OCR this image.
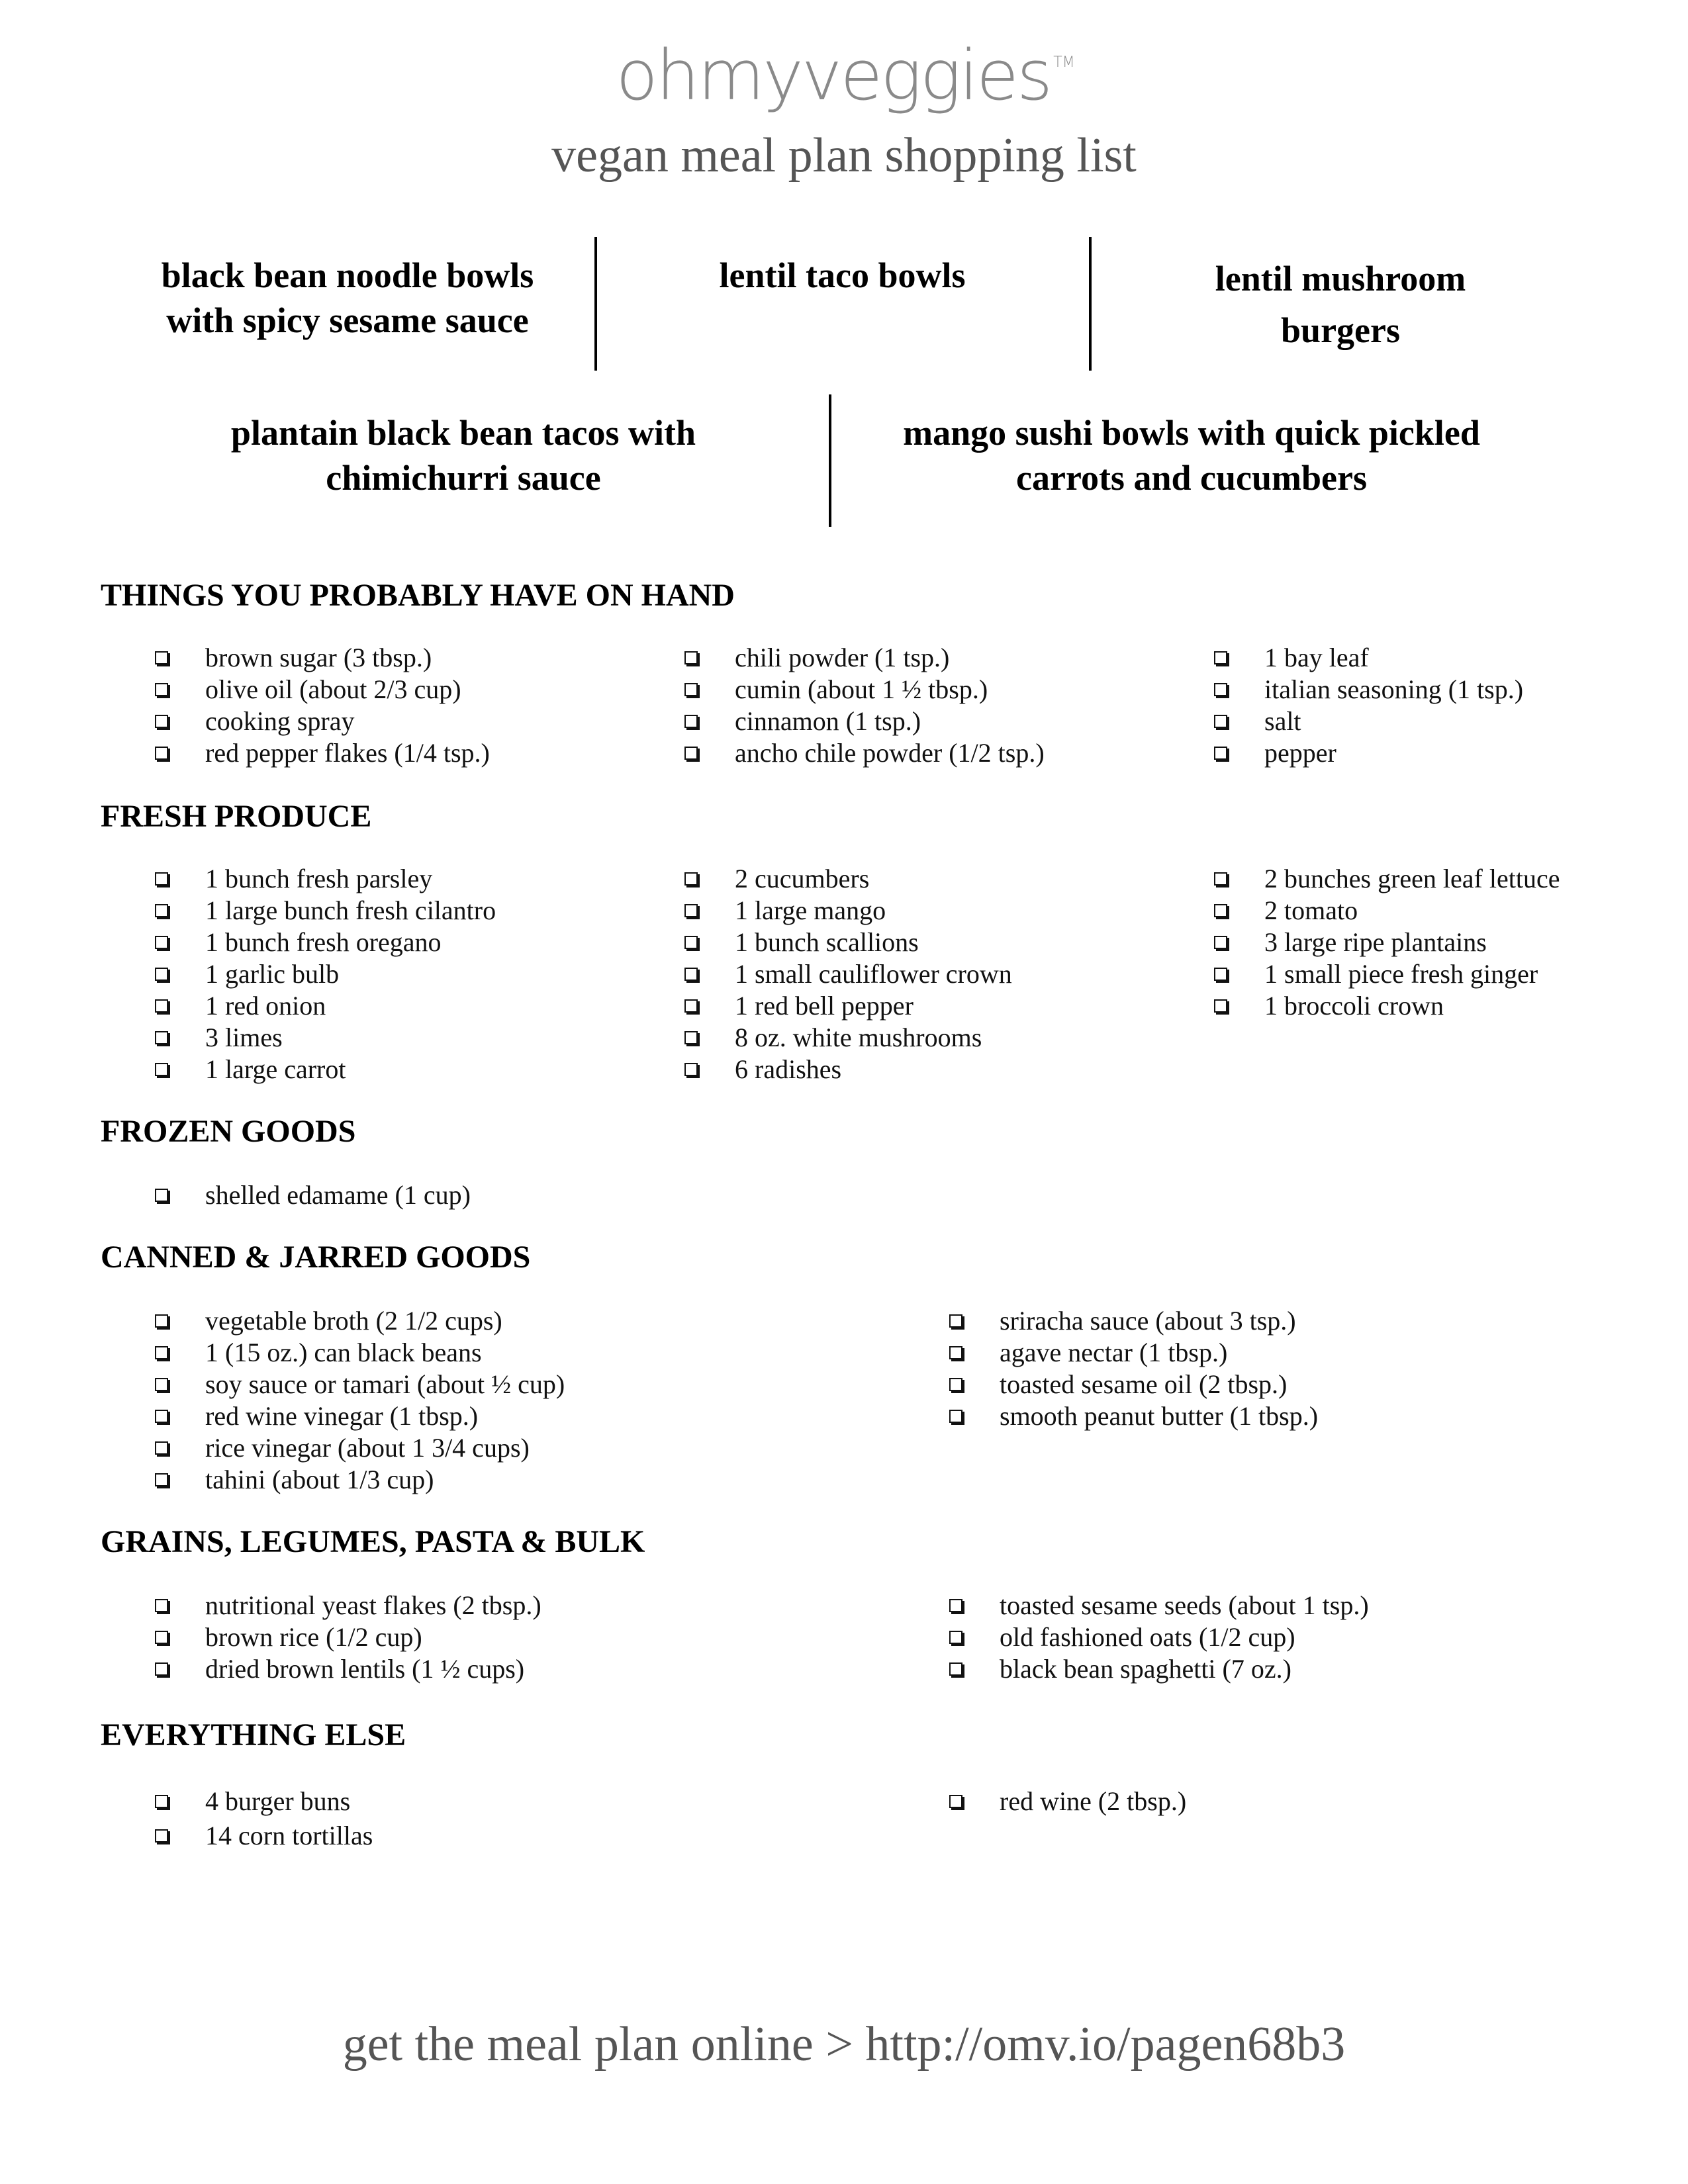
ohmyveggies ™
vegan meal plan shopping list
black bean noodle bowls
with spicy sesame sauce
lentil taco bowls	lentil mushroom
burgers
plantain black bean tacos with
chimichurri sauce
mango sushi bowls with quick pickled
carrots and cucumbers
THINGS YOU PROBABLY HAVE ON HAND
FRESH PRODUCE
FROZEN GOODS
CANNED & JARRED GOODS
GRAINS, LEGUMES, PASTA & BULK
EVERYTHING ELSE
brown sugar (3 tbsp.)
olive oil (about 2/3 cup)
cooking spray
red pepper flakes (1/4 tsp.)
chili powder (1 tsp.)
cumin (about 1 ½ tbsp.)
cinnamon (1 tsp.)
ancho chile powder (1/2 tsp.)
1 bay leaf
italian seasoning (1 tsp.)
salt
pepper
1 bunch fresh parsley
1 large bunch fresh cilantro
1 bunch fresh oregano
1 garlic bulb
1 red onion
3 limes
1 large carrot
2 cucumbers
1 large mango
1 bunch scallions
1 small cauliflower crown
1 red bell pepper
8 oz. white mushrooms
6 radishes
2 bunches green leaf lettuce
2 tomato
3 large ripe plantains
1 small piece fresh ginger
1 broccoli crown
shelled edamame (1 cup)
vegetable broth (2 1/2 cups)
1 (15 oz.) can black beans
soy sauce or tamari (about ½ cup)
red wine vinegar (1 tbsp.)
rice vinegar (about 1 3/4 cups)
tahini (about 1/3 cup)
sriracha sauce (about 3 tsp.)
agave nectar (1 tbsp.)
toasted sesame oil (2 tbsp.)
smooth peanut butter (1 tbsp.)
nutritional yeast flakes (2 tbsp.)
brown rice (1/2 cup)
dried brown lentils (1 ½ cups)
toasted sesame seeds (about 1 tsp.)
old fashioned oats (1/2 cup)
black bean spaghetti (7 oz.)
4 burger buns
14 corn tortillas
red wine (2 tbsp.)
get the meal plan online > http://omv.io/pagen68b3
